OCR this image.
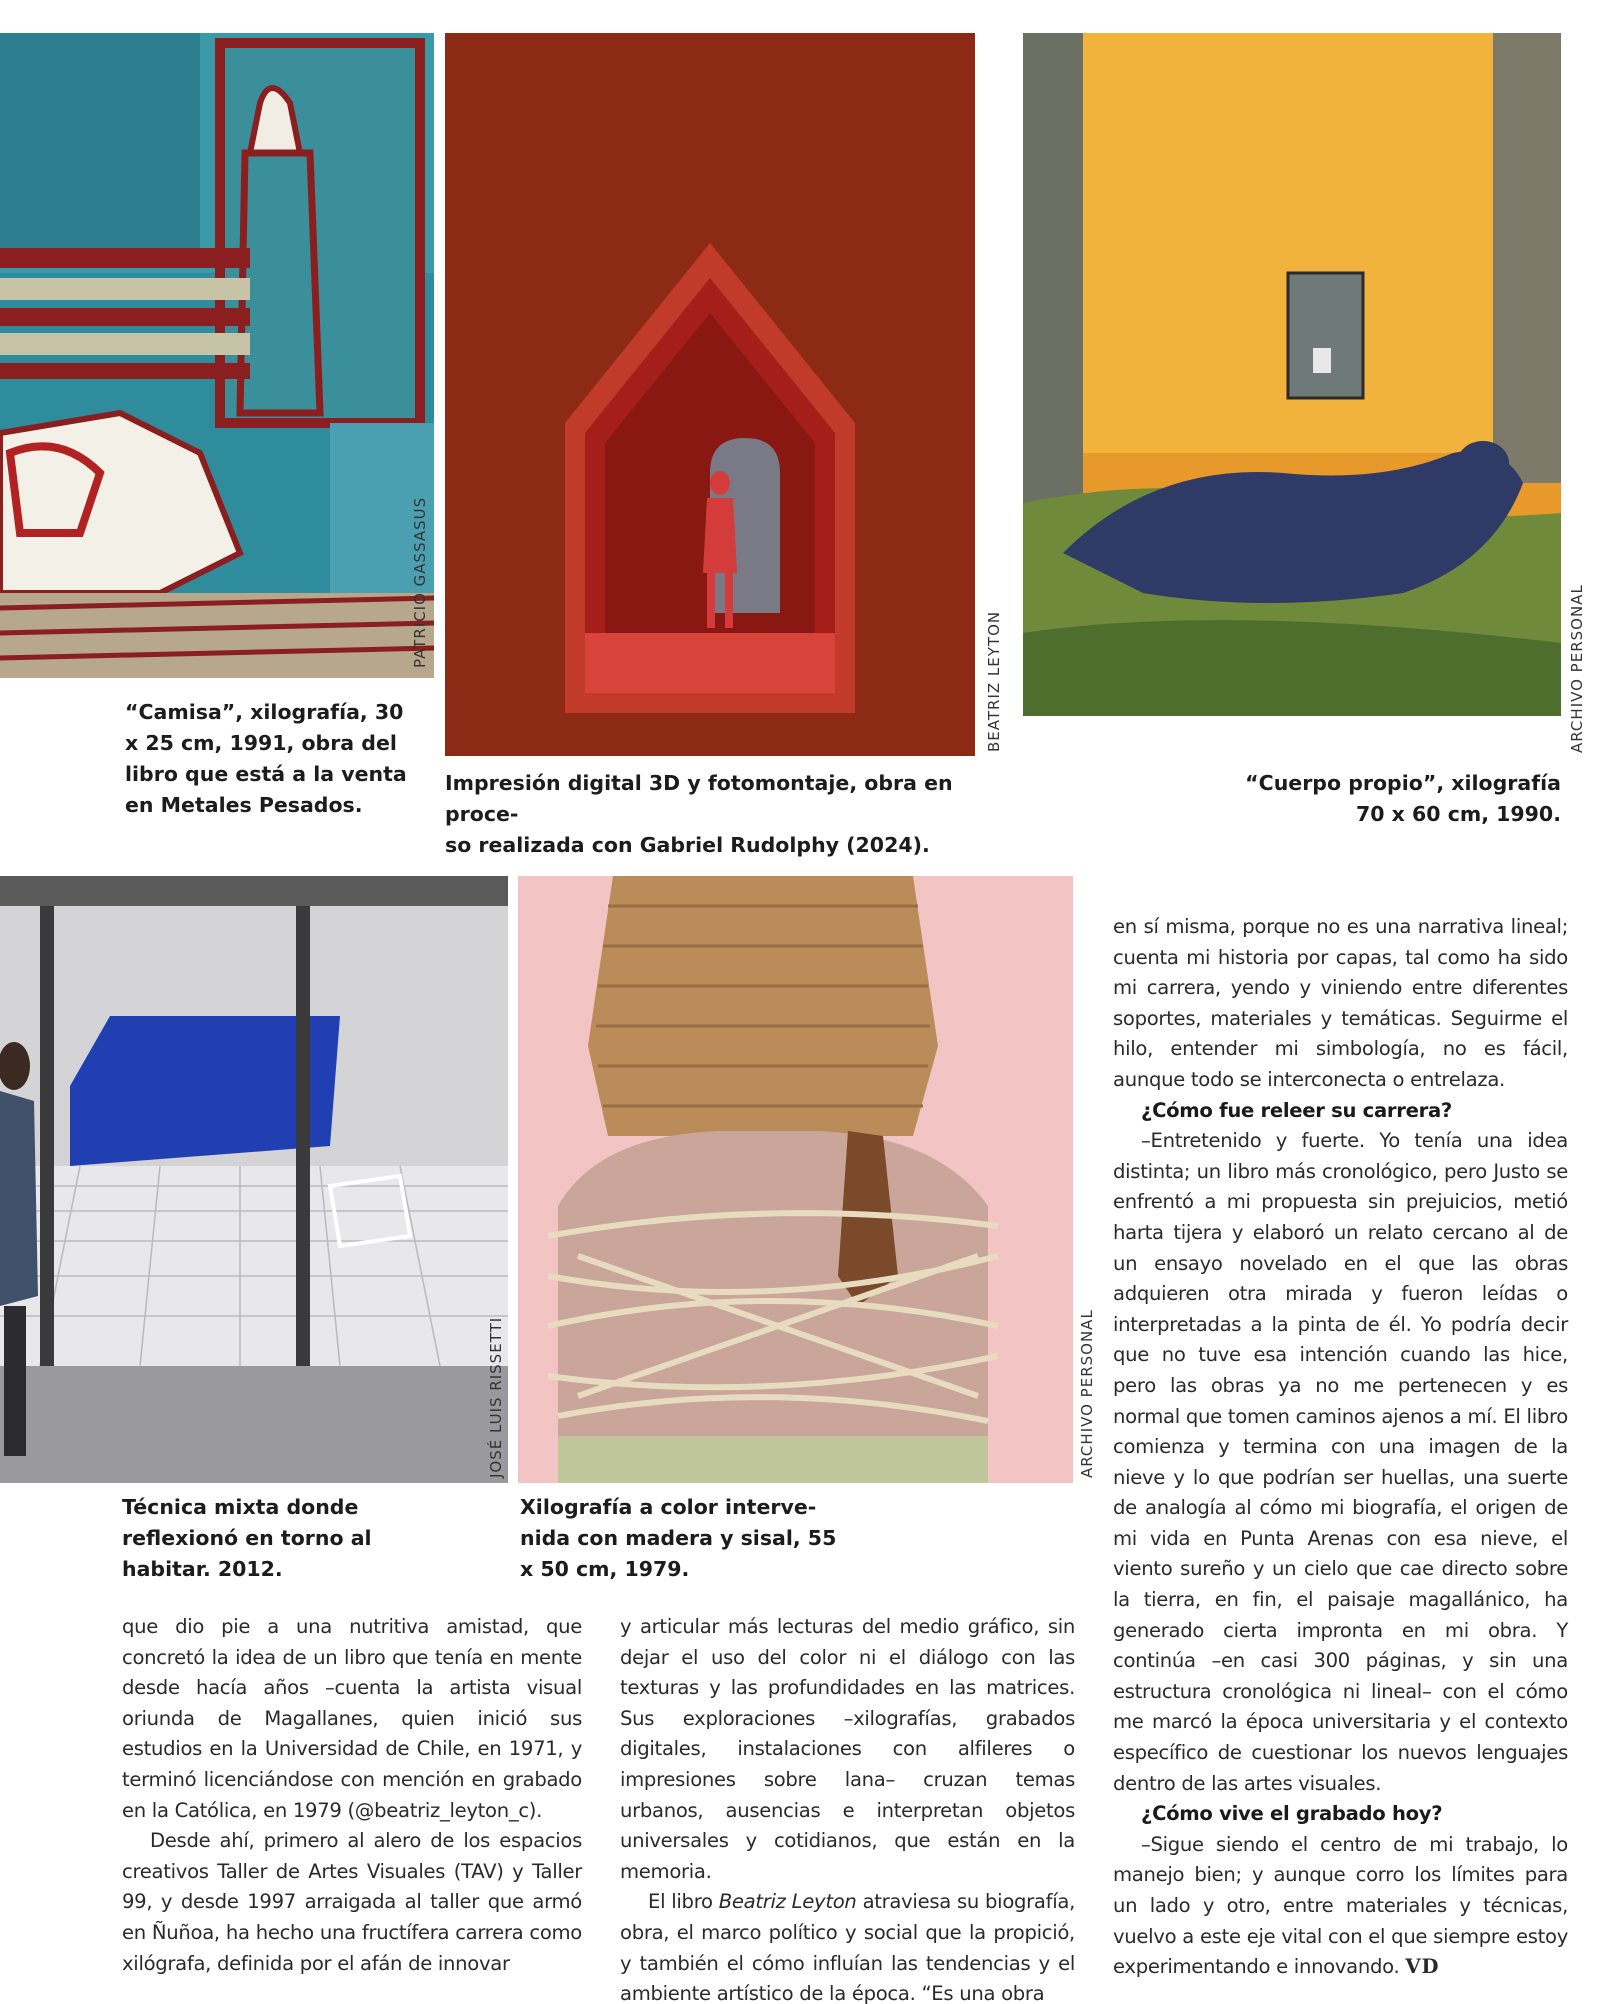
PATRICIO GASSASUS
BEATRIZ LEYTON	ARCHIVO PERSONAL
“Camisa”, xilografía, 30
x 25 cm, 1991, obra del
libro que está a la venta
en Metales Pesados.
Impresión digital 3D y fotomontaje, obra en proce-
so realizada con Gabriel Rudolphy (2024).
“Cuerpo propio”, xilografía
70 x 60 cm, 1990.
JOSÉ LUIS RISSETTI	ARCHIVO PERSONAL
Técnica mixta donde
reflexionó en torno al
habitar. 2012.
Xilografía a color interve-
nida con madera y sisal, 55
x 50 cm, 1979.

que dio pie a una nutritiva amistad, que concretó la idea de un libro que tenía en mente desde hacía años –cuenta la artista visual oriunda de Magallanes, quien inició sus estudios en la Universidad de Chile, en 1971, y terminó licenciándose con mención en grabado en la Católica, en 1979 (@beatriz_leyton_c).

Desde ahí, primero al alero de los espacios creativos Taller de Artes Visuales (TAV) y Taller 99, y desde 1997 arraigada al taller que armó en Ñuñoa, ha hecho una fructífera carrera como xilógrafa, definida por el afán de innovar

y articular más lecturas del medio gráfico, sin dejar el uso del color ni el diálogo con las texturas y las profundidades en las matrices. Sus exploraciones –xilografías, grabados digitales, instalaciones con alfileres o impresiones sobre lana– cruzan temas urbanos, ausencias e interpretan objetos universales y cotidianos, que están en la memoria.

El libro Beatriz Leyton atraviesa su biografía, obra, el marco político y social que la propició, y también el cómo influían las tendencias y el ambiente artístico de la época. “Es una obra

en sí misma, porque no es una narrativa lineal; cuenta mi historia por capas, tal como ha sido mi carrera, yendo y viniendo entre diferentes soportes, materiales y temáticas. Seguirme el hilo, entender mi simbología, no es fácil, aunque todo se interconecta o entrelaza.

¿Cómo fue releer su carrera?

–Entretenido y fuerte. Yo tenía una idea distinta; un libro más cronológico, pero Justo se enfrentó a mi propuesta sin prejuicios, metió harta tijera y elaboró un relato cercano al de un ensayo novelado en el que las obras adquieren otra mirada y fueron leídas o interpretadas a la pinta de él. Yo podría decir que no tuve esa intención cuando las hice, pero las obras ya no me pertenecen y es normal que tomen caminos ajenos a mí. El libro comienza y termina con una imagen de la nieve y lo que podrían ser huellas, una suerte de analogía al cómo mi biografía, el origen de mi vida en Punta Arenas con esa nieve, el viento sureño y un cielo que cae directo sobre la tierra, en fin, el paisaje magallánico, ha generado cierta impronta en mi obra. Y continúa –en casi 300 páginas, y sin una estructura cronológica ni lineal– con el cómo me marcó la época universitaria y el contexto específico de cuestionar los nuevos lenguajes dentro de las artes visuales.

¿Cómo vive el grabado hoy?

–Sigue siendo el centro de mi trabajo, lo manejo bien; y aunque corro los límites para un lado y otro, entre materiales y técnicas, vuelvo a este eje vital con el que siempre estoy experimentando e innovando. VD
